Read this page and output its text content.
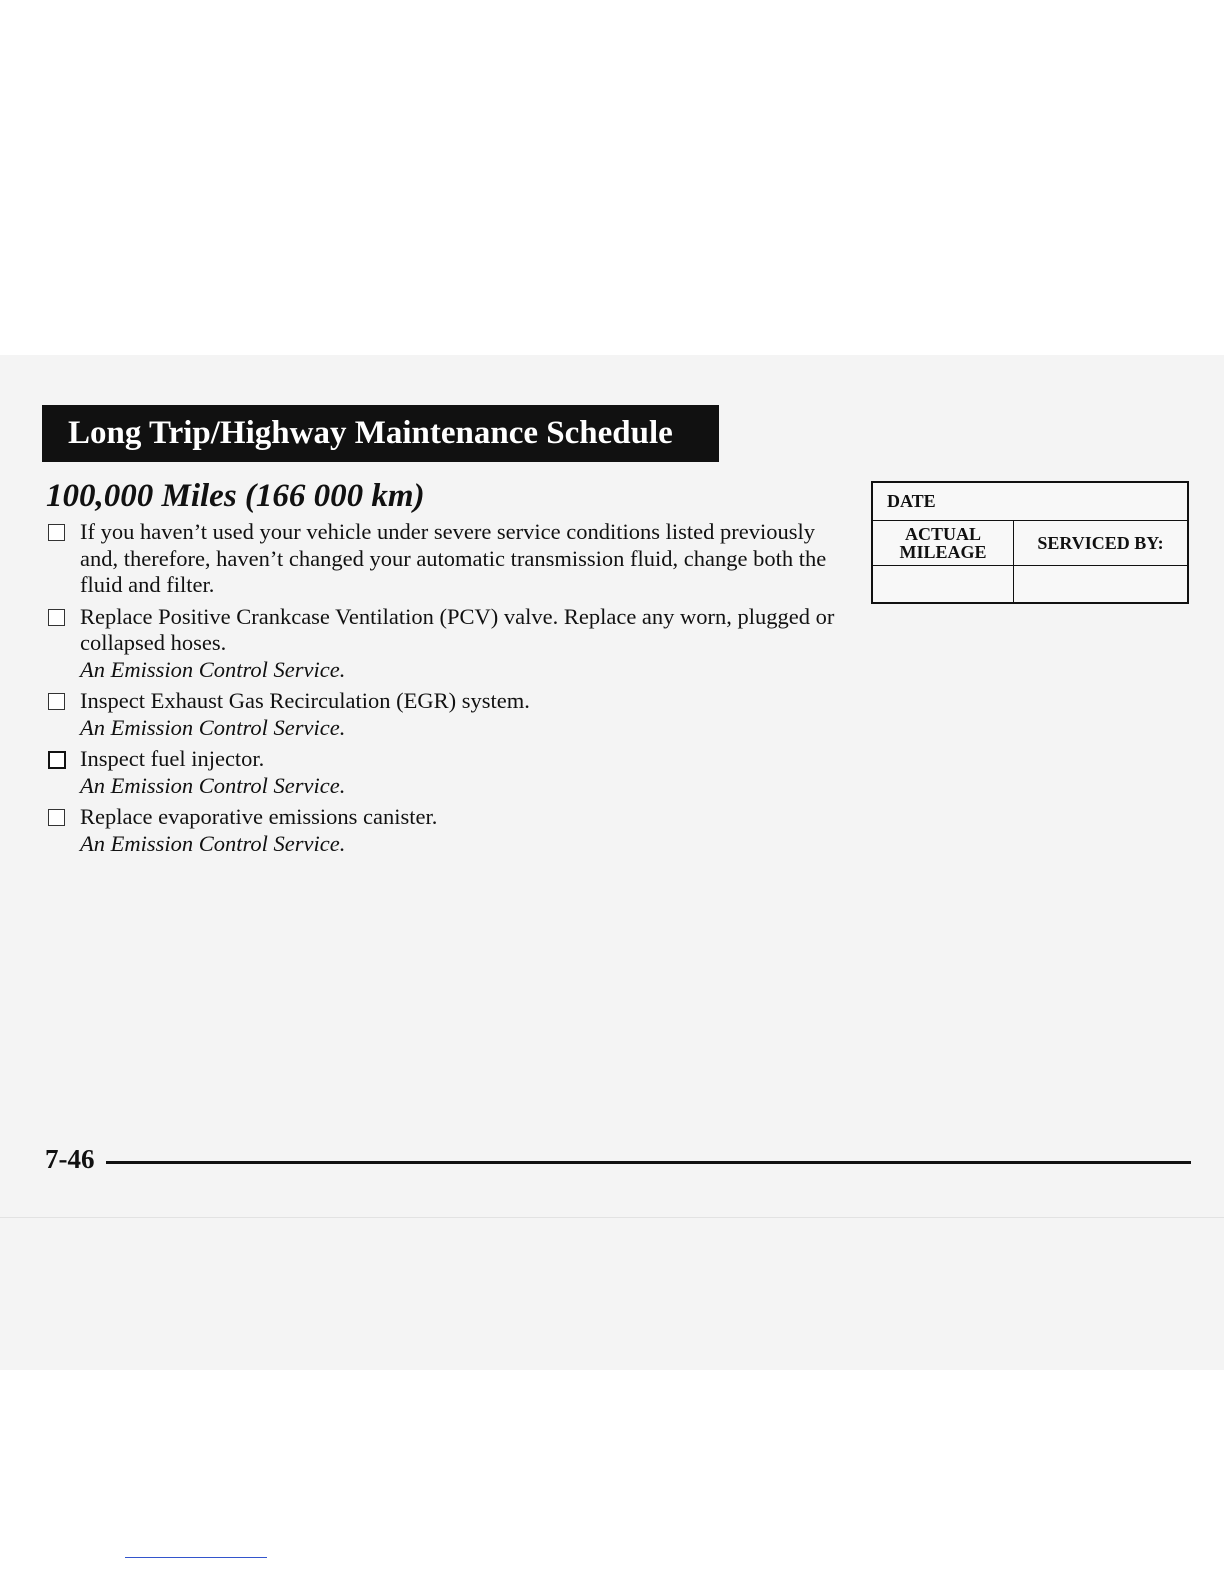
Long Trip/Highway Maintenance Schedule
100,000 Miles (166 000 km)
If you haven’t used your vehicle under severe service conditions listed previously and, therefore, haven’t changed your automatic transmission fluid, change both the fluid and filter.
Replace Positive Crankcase Ventilation (PCV) valve. Replace any worn, plugged or collapsed hoses.
An Emission Control Service.
Inspect Exhaust Gas Recirculation (EGR) system.
An Emission Control Service.
Inspect fuel injector.
An Emission Control Service.
Replace evaporative emissions canister.
An Emission Control Service.
DATE	
ACTUAL
MILEAGE	SERVICED BY:

7-46
